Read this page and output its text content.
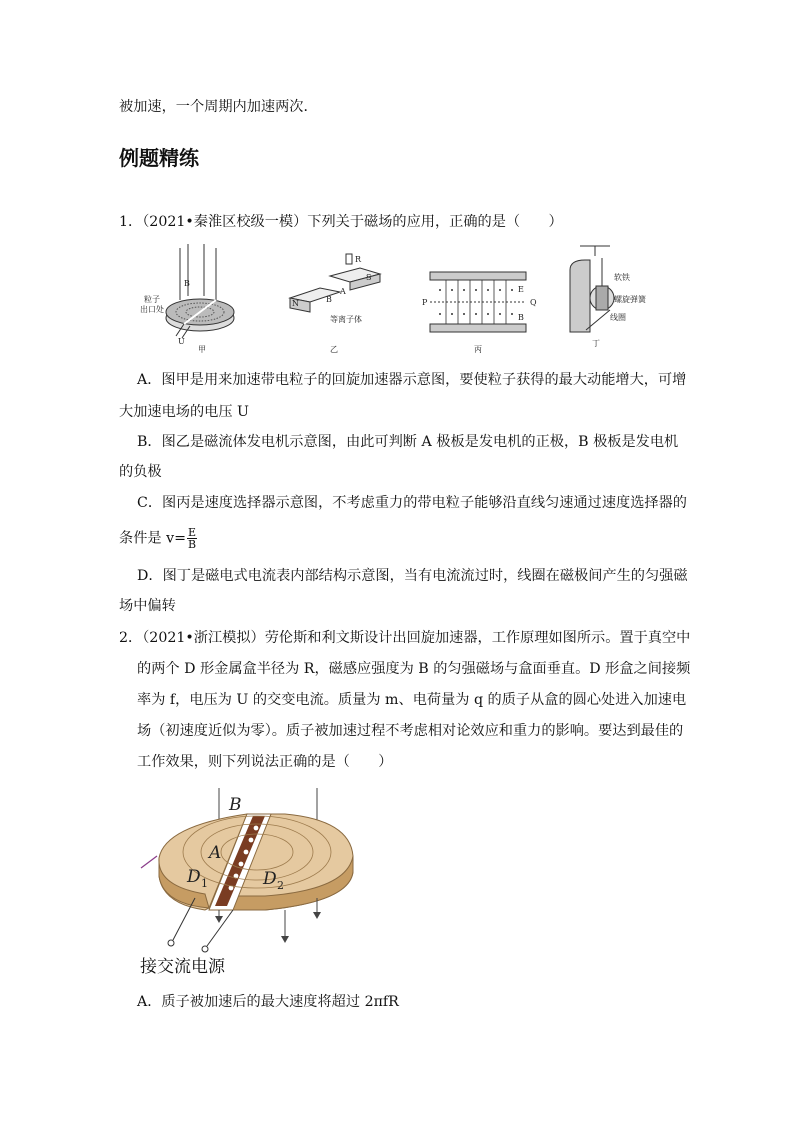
被加速，一个周期内加速两次．
例题精练
1．（2021•秦淮区校级一模）下列关于磁场的应用，正确的是（　　）
B
U
粒子
出口处
甲
N
S
A
B
R
等离子体
乙
P	Q
E
B
丙
软铁
螺旋弹簧
线圈
丁
A．图甲是用来加速带电粒子的回旋加速器示意图，要使粒子获得的最大动能增大，可增
大加速电场的电压 U
B．图乙是磁流体发电机示意图，由此可判断 A 极板是发电机的正极，B 极板是发电机
的负极
C．图丙是速度选择器示意图，不考虑重力的带电粒子能够沿直线匀速通过速度选择器的
条件是 $v= \frac{E}{B}$
D．图丁是磁电式电流表内部结构示意图，当有电流流过时，线圈在磁极间产生的匀强磁
场中偏转
2．（2021•浙江模拟）劳伦斯和利文斯设计出回旋加速器，工作原理如图所示。置于真空中
的两个 D 形金属盒半径为 R，磁感应强度为 B 的匀强磁场与盒面垂直。D 形盒之间接频
率为 f，电压为 U 的交变电流。质量为 m、电荷量为 q 的质子从盒的圆心处进入加速电
场（初速度近似为零）。质子被加速过程不考虑相对论效应和重力的影响。要达到最佳的
工作效果，则下列说法正确的是（　　）
B
A
D 1	D 2
接交流电源
A．质子被加速后的最大速度将超过 2πfR
